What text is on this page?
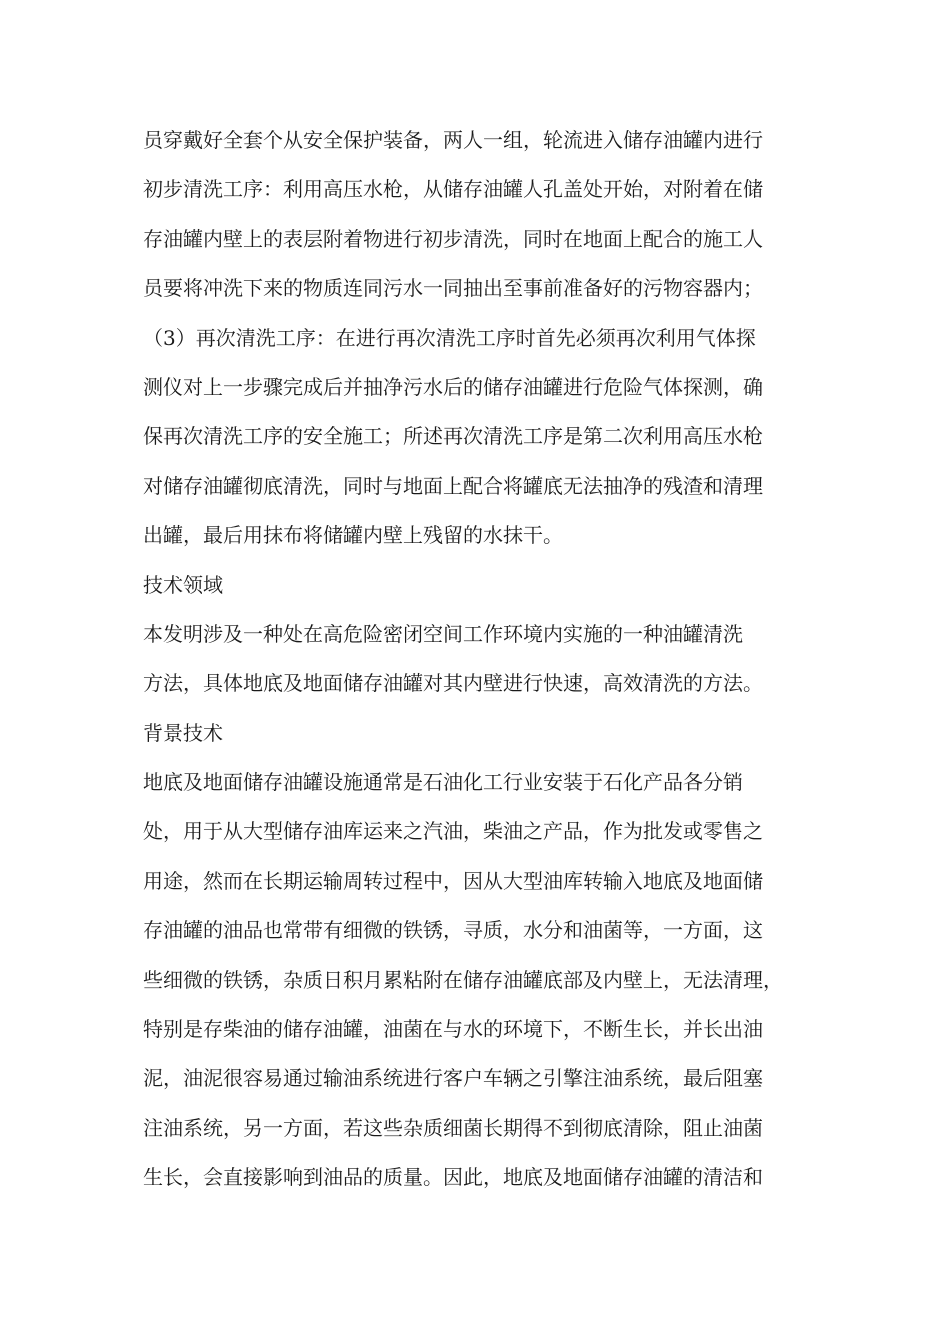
员穿戴好全套个从安全保护装备，两人一组，轮流进入储存油罐内进行
初步清洗工序：利用高压水枪，从储存油罐人孔盖处开始，对附着在储
存油罐内壁上的表层附着物进行初步清洗，同时在地面上配合的施工人
员要将冲洗下来的物质连同污水一同抽出至事前准备好的污物容器内；
（3）再次清洗工序：在进行再次清洗工序时首先必须再次利用气体探
测仪对上一步骤完成后并抽净污水后的储存油罐进行危险气体探测，确
保再次清洗工序的安全施工；所述再次清洗工序是第二次利用高压水枪
对储存油罐彻底清洗，同时与地面上配合将罐底无法抽净的残渣和清理
出罐，最后用抹布将储罐内壁上残留的水抹干。
技术领域
本发明涉及一种处在高危险密闭空间工作环境内实施的一种油罐清洗
方法，具体地底及地面储存油罐对其内壁进行快速，高效清洗的方法。
背景技术
地底及地面储存油罐设施通常是石油化工行业安装于石化产品各分销
处，用于从大型储存油库运来之汽油，柴油之产品，作为批发或零售之
用途，然而在长期运输周转过程中，因从大型油库转输入地底及地面储
存油罐的油品也常带有细微的铁锈，寻质，水分和油菌等，一方面，这
些细微的铁锈，杂质日积月累粘附在储存油罐底部及内壁上，无法清理，
特别是存柴油的储存油罐，油菌在与水的环境下，不断生长，并长出油
泥，油泥很容易通过输油系统进行客户车辆之引擎注油系统，最后阻塞
注油系统，另一方面，若这些杂质细菌长期得不到彻底清除，阻止油菌
生长，会直接影响到油品的质量。因此，地底及地面储存油罐的清洁和
